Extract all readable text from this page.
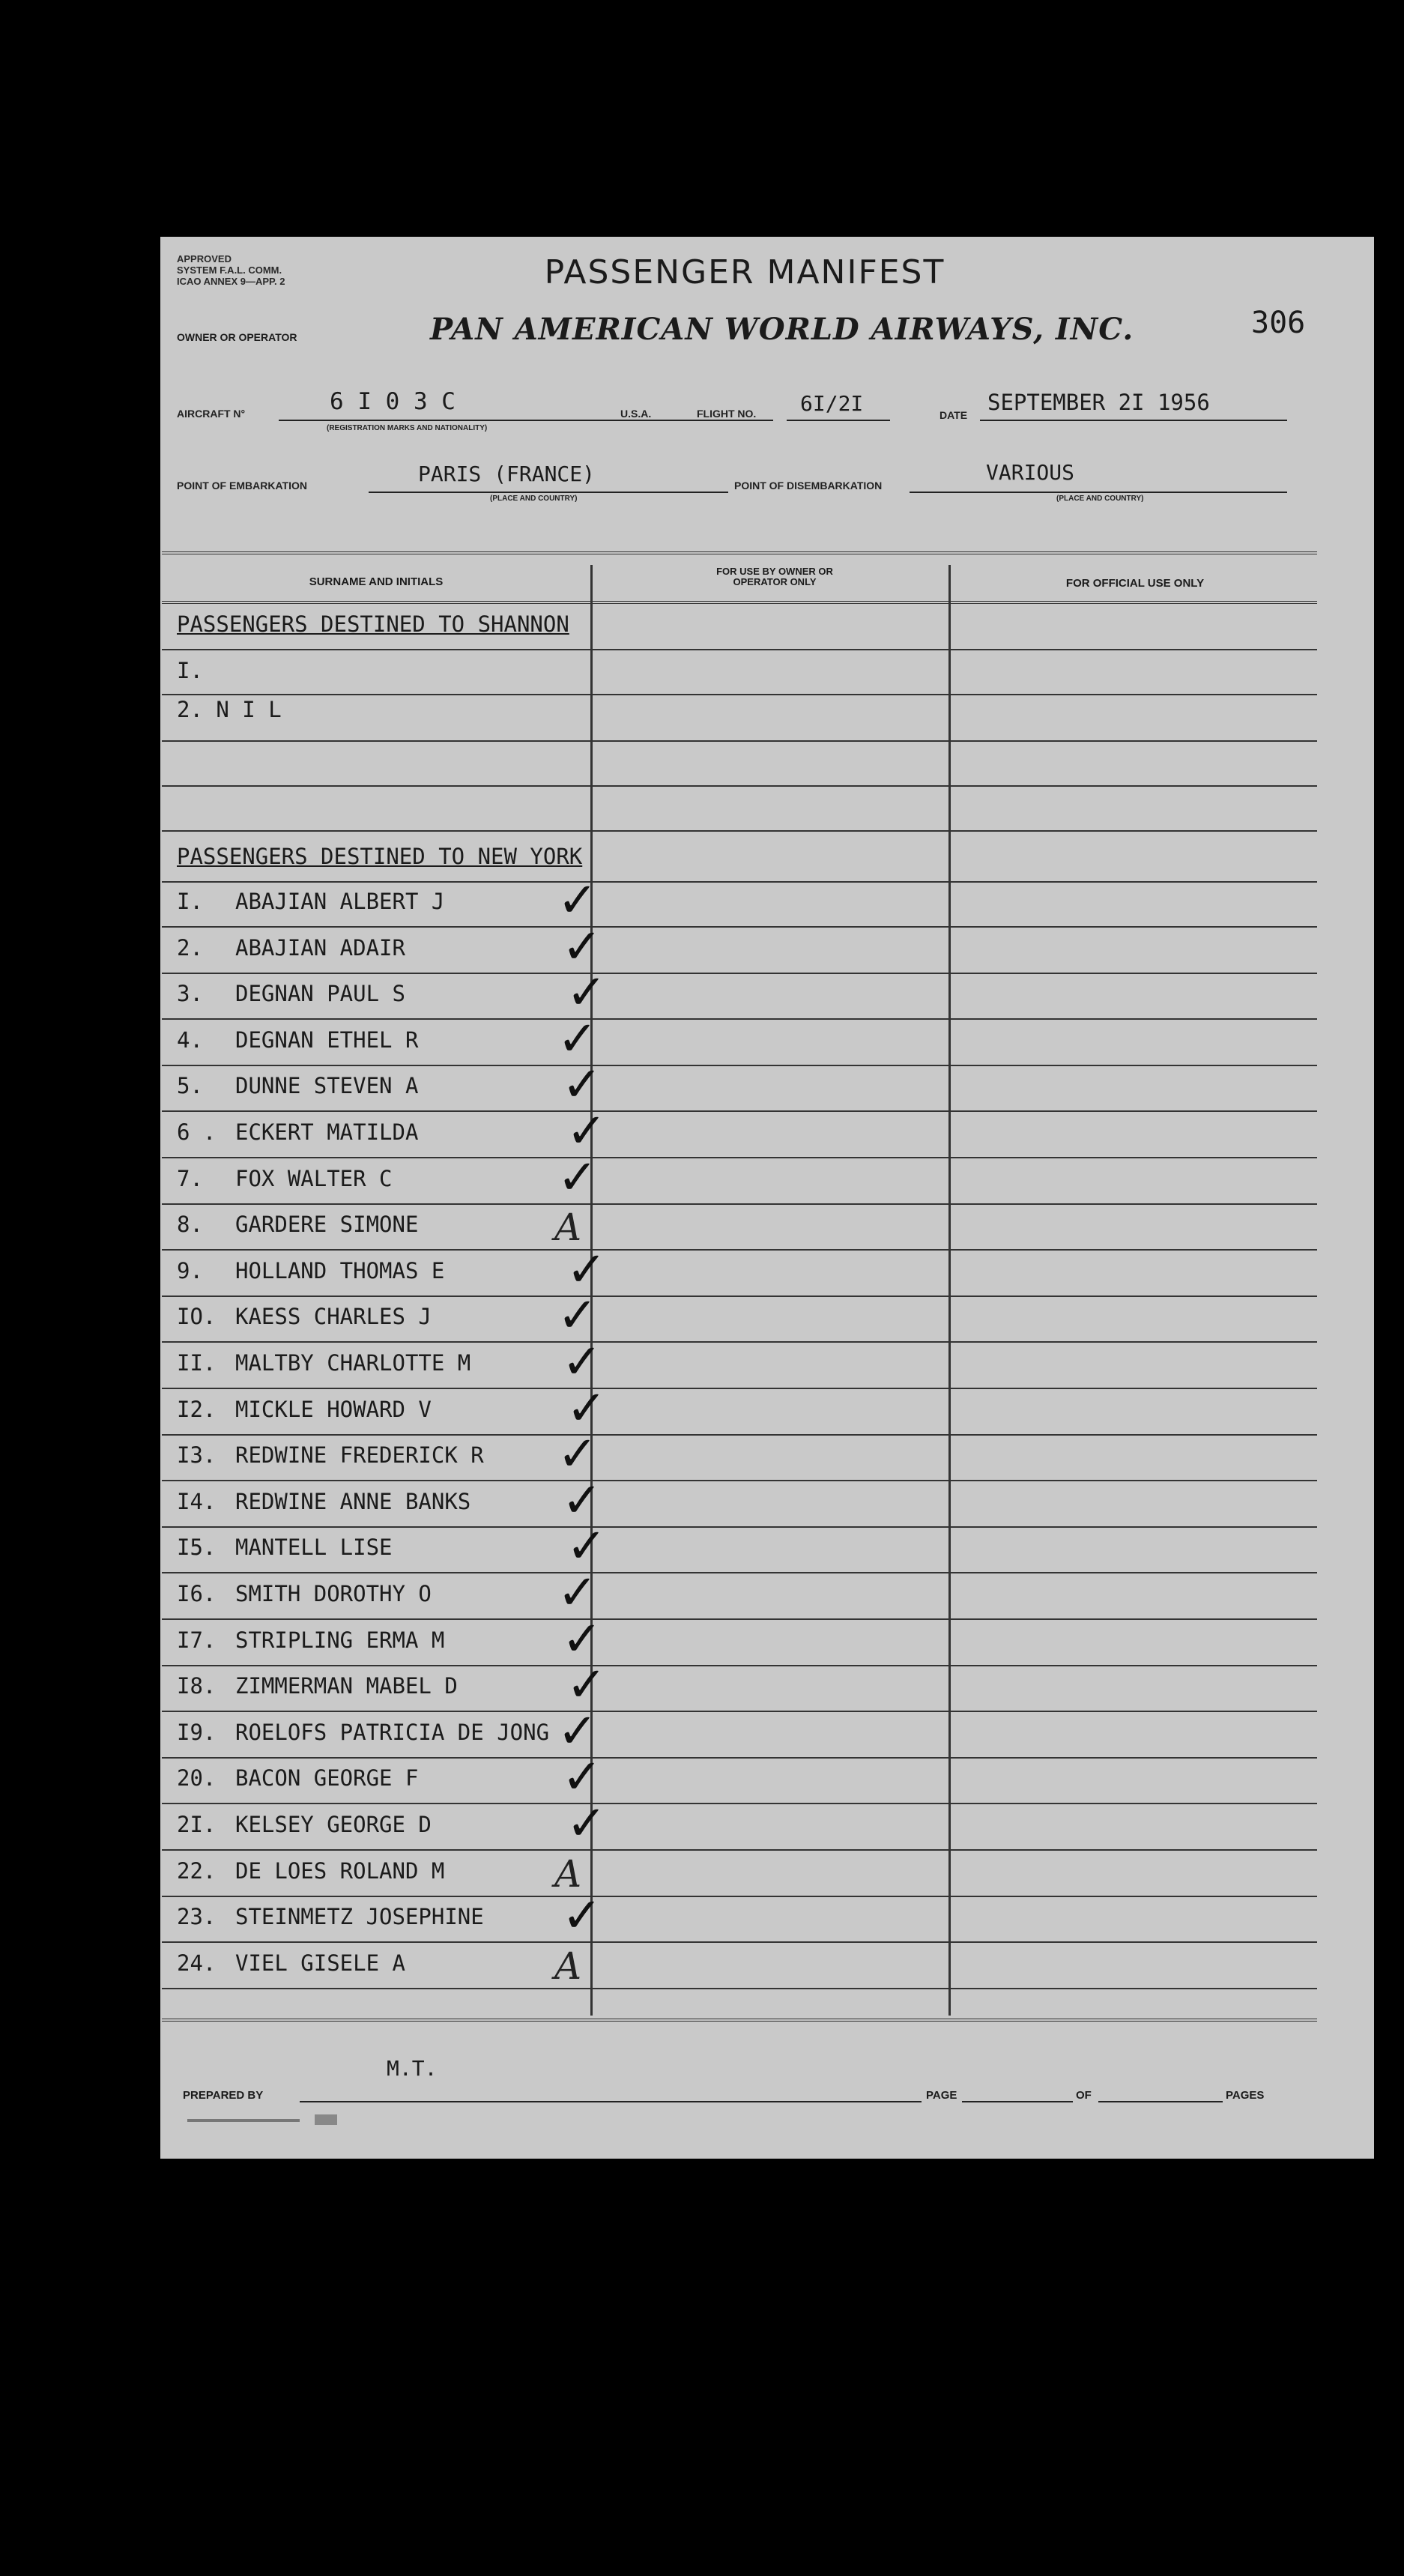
APPROVED
SYSTEM F.A.L. COMM.
ICAO ANNEX 9—APP. 2
OWNER OR OPERATOR
PASSENGER MANIFEST
PAN AMERICAN WORLD AIRWAYS, INC.	306
AIRCRAFT N°	6 I 0 3 C
(REGISTRATION MARKS AND NATIONALITY)
U.S.A.	FLIGHT NO. 6I/2I	DATE SEPTEMBER 2I 1956
POINT OF EMBARKATION	PARIS (FRANCE)
(PLACE AND COUNTRY)
POINT OF DISEMBARKATION
VARIOUS
(PLACE AND COUNTRY)
SURNAME AND INITIALS
FOR USE BY OWNER OR OPERATOR ONLY	FOR OFFICIAL USE ONLY
PASSENGERS DESTINED TO SHANNON
I.
2. N I L
PASSENGERS DESTINED TO NEW YORK
I. ABAJIAN ALBERT J ✓
2. ABAJIAN ADAIR	✓
3. DEGNAN PAUL S	✓
4. DEGNAN ETHEL R	✓
5. DUNNE STEVEN A	✓
6 . ECKERT MATILDA	✓
7. FOX WALTER C	✓
8. GARDERE SIMONE	A
9. HOLLAND THOMAS E	✓
IO. KAESS CHARLES J	✓
II. MALTBY CHARLOTTE M ✓
I2. MICKLE HOWARD V	✓
I3. REDWINE FREDERICK R ✓
I4. REDWINE ANNE BANKS ✓
I5. MANTELL LISE	✓
I6. SMITH DOROTHY O	✓
I7. STRIPLING ERMA M ✓
I8. ZIMMERMAN MABEL D ✓
I9. ROELOFS PATRICIA DE JONG ✓
20. BACON GEORGE F	✓
2I. KELSEY GEORGE D	✓
22. DE LOES ROLAND M	A
23. STEINMETZ JOSEPHINE ✓
24. VIEL GISELE A	A
M.T.
PREPARED BY	PAGE	OF	PAGES
